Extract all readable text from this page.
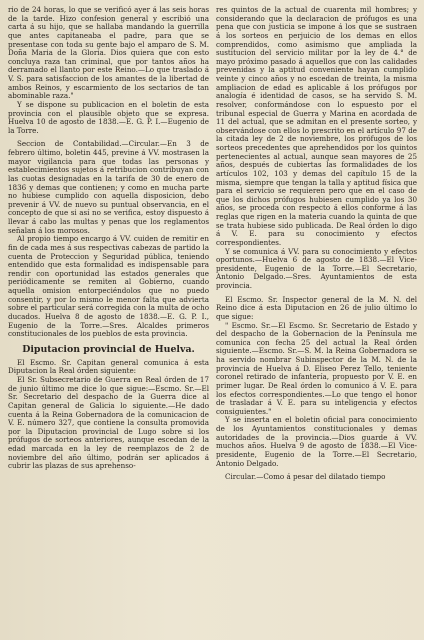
rio de 24 horas, lo que se verificó ayer á las seis horas de la tarde. Hizo confesion general y escribió una carta á su hijo, que se hallaba mandando la guerrilla que antes capitaneaba el padre, para que se presentase con toda su gente bajo el amparo de S. M. Doña Maria de la Gloria. Dios quiera que con esto concluya raza tan criminal, que por tantos años ha derramado el llanto por este Reino.—Lo que traslado á V. S. para satisfaccion de los amantes de la libertad de ambos Reinos, y escarmiento de los sectarios de tan abominable raza."

Y se dispone su publicacion en el boletin de esta provincia con el plausible objeto que se expresa. Huelva 10 de agosto de 1838.—E. G. P. I.—Eugenio de la Torre.

Seccion de Contabilidad.—Circular.—En 3 de febrero último, boletin 445, previne á VV. mostrasen la mayor vigilancia para que todas las personas y establecimientos sujetos á retribucion contribuyan con las cuotas designadas en la tarifa de 30 de enero de 1836 y demas que contienen; y como en mucha parte no hubiese cumplido con aquella disposicion, debo prevenir á VV. de nuevo su puntual observancia, en el concepto de que si así no se verifica, estoy dispuesto á llevar á cabo las multas y penas que los reglamentos señalan á los morosos.

Al propio tiempo encargo á VV. cuiden de remitir en fin de cada mes á sus respectivas cabezas de partido la cuenta de Proteccion y Seguridad pública, teniendo entendido que esta formalidad es indispensable para rendir con oportunidad las estados generales que periódicamente se remiten al Gobierno, cuando aquella omision entorpeciéndolos que no puedo consentir, y por lo mismo le menor falta que advierta sobre el particular será corregida con la multa de ocho ducados. Huelva 8 de agosto de 1838.—E. G. P. I., Eugenio de la Torre.—Sres. Alcaldes primeros constitucionales de los pueblos de esta provincia.

Diputacion provincial de Huelva.

El Escmo. Sr. Capitan general comunica á esta Diputacion la Real órden siguiente:

El Sr. Subsecretario de Guerra en Real órden de 17 de junio último me dice lo que sigue:—Escmo. Sr.—El Sr. Secretario del despacho de la Guerra dice al Capitan general de Galicia lo siguiente.—He dado cuenta á la Reina Gobernadora de la comunicacion de V. E. número 327, que contiene la consulta promovida por la Diputacion provincial de Lugo sobre si los prófugos de sorteos anteriores, aunque escedan de la edad marcada en la ley de reemplazos de 2 de noviembre del año último, podrán ser aplicados á cubrir las plazas de sus aprehenso-

res quintos de la actual de cuarenta mil hombres; y considerando que la declaracion de prófugos es una pena que con justicia se impone á los que se sustraen á los sorteos en perjuicio de los demas en ellos comprendidos, como asimismo que ampliada la sustitucion del servicio militar por la ley de 4.° de mayo próximo pasado á aquellos que con las calidades prevenidas y la aptitud conveniente hayan cumplido veinte y cinco años y no escedan de treinta, la misma ampliacion de edad es aplicable á los prófugos por analogía é identidad de casos, se ha servido S. M. resolver, conformándose con lo espuesto por el tribunal especial de Guerra y Marina en acordada de 11 del actual, que se admitan en el presente sorteo, y observándose con ellos lo prescrito en el artículo 97 de la citada ley de 2 de noviembre, los prófugos de los sorteos precedentes que aprehendidos por los quintos pertenecientes al actual, aunque sean mayores de 25 años, después de cubiertas las formalidades de los artículos 102, 103 y demas del capítulo 15 de la misma, siempre que tengan la talla y aptitud física que para el servicio se requieren pero que en el caso de que los dichos prófugos hubiesen cumplido ya los 30 años, se proceda con respecto á ellos conforme á las reglas que rigen en la materia cuando la quinta de que se trata hubiese sido publicada. De Real órden lo digo á V. E. para su conocimiento y efectos correspondientes.

Y se comunica á VV. para su conocimiento y efectos oportunos.—Huelva 6 de agosto de 1838.—El Vice-presidente, Eugenio de la Torre.—El Secretario, Antonio Delgado.—Sres. Ayuntamientos de esta provincia.

El Escmo. Sr. Inspector general de la M. N. del Reino dice á esta Diputacion en 26 de julio último lo que sigue:

" Escmo. Sr.—El Escmo. Sr. Secretario de Estado y del despacho de la Gobernacion de la Península me comunica con fecha 25 del actual la Real órden siguiente.—Escmo. Sr.—S. M. la Reina Gobernadora se ha servido nombrar Subinspector de la M. N. de la provincia de Huelva á D. Eliseo Perez Tello, teniente coronel retirado de infantería, propuesto por V. E. en primer lugar. De Real órden lo comunico á V. E. para los efectos correspondientes.—Lo que tengo el honor de trasladar á V. E. para su inteligencia y efectos consiguientes."

Y se inserta en el boletin oficial para conocimiento de los Ayuntamientos constitucionales y demas autoridades de la provincia.—Dios guarde á VV. muchos años. Huelva 9 de agosto de 1838.—El Vice-presidente, Eugenio de la Torre.—El Secretario, Antonio Delgado.

Circular.—Como á pesar del dilatado tiempo
